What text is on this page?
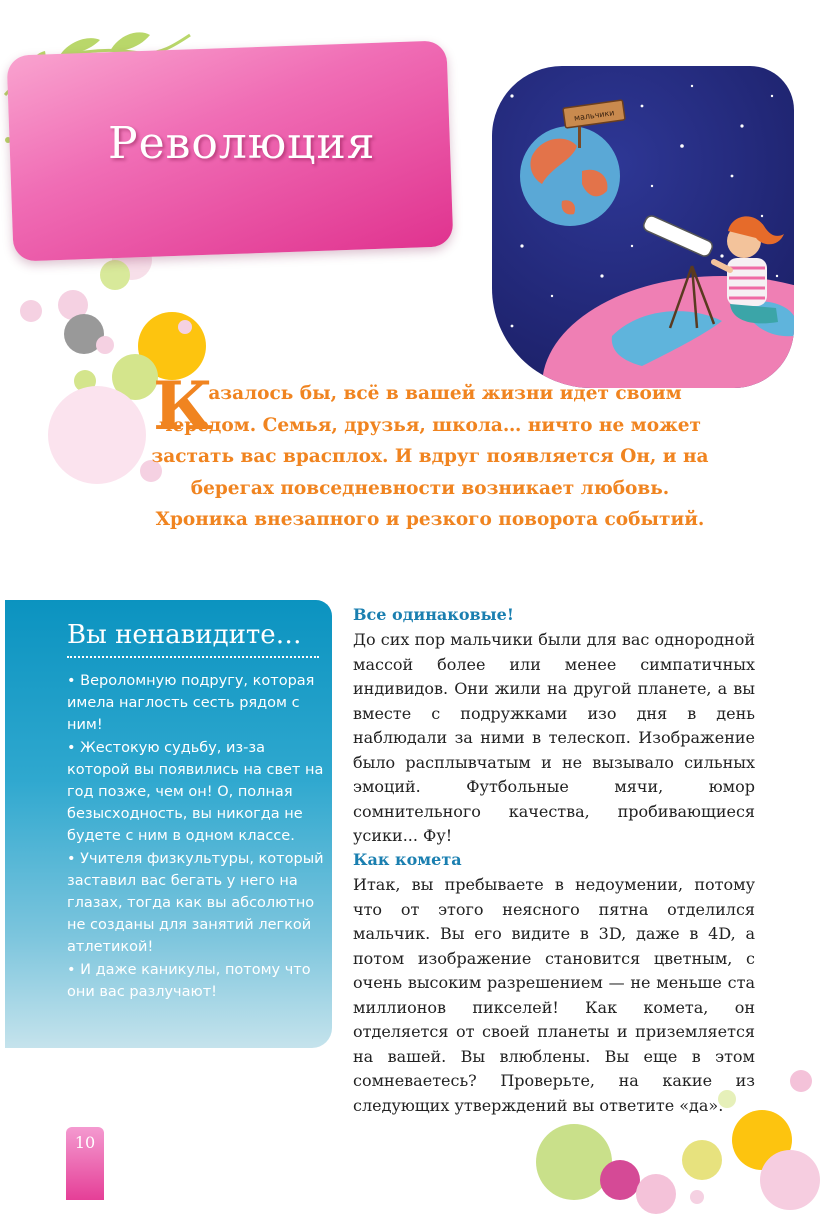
Революция
мальчики
К
азалось бы, всё в вашей жизни идет своим чередом. Семья, друзья, школа… ничто не может застать вас врасплох. И вдруг появляется Он, и на берегах повседневности возникает любовь. Хроника внезапного и резкого поворота событий.
Вы ненавидите…
• Вероломную подругу, которая имела наглость сесть рядом с ним!
• Жестокую судьбу, из-за которой вы появились на свет на год позже, чем он! О, полная безысходность, вы никогда не будете с ним в одном классе.
• Учителя физкультуры, который заставил вас бегать у него на глазах, тогда как вы абсолютно не созданы для занятий легкой атлетикой!
• И даже каникулы, потому что они вас разлучают!
Все одинаковые!

До сих пор мальчики были для вас однородной массой более или менее симпатичных индивидов. Они жили на другой планете, а вы вместе с подружками изо дня в день наблюдали за ними в телескоп. Изображение было расплывчатым и не вызывало сильных эмоций. Футбольные мячи, юмор сомнительного качества, пробивающиеся усики... Фу!

Как комета

Итак, вы пребываете в недоумении, потому что от этого неясного пятна отделился мальчик. Вы его видите в 3D, даже в 4D, а потом изображение становится цветным, с очень высоким разрешением — не меньше ста миллионов пикселей! Как комета, он отделяется от своей планеты и приземляется на вашей. Вы влюблены. Вы еще в этом сомневаетесь? Проверьте, на какие из следующих утверждений вы ответите «да».

10
